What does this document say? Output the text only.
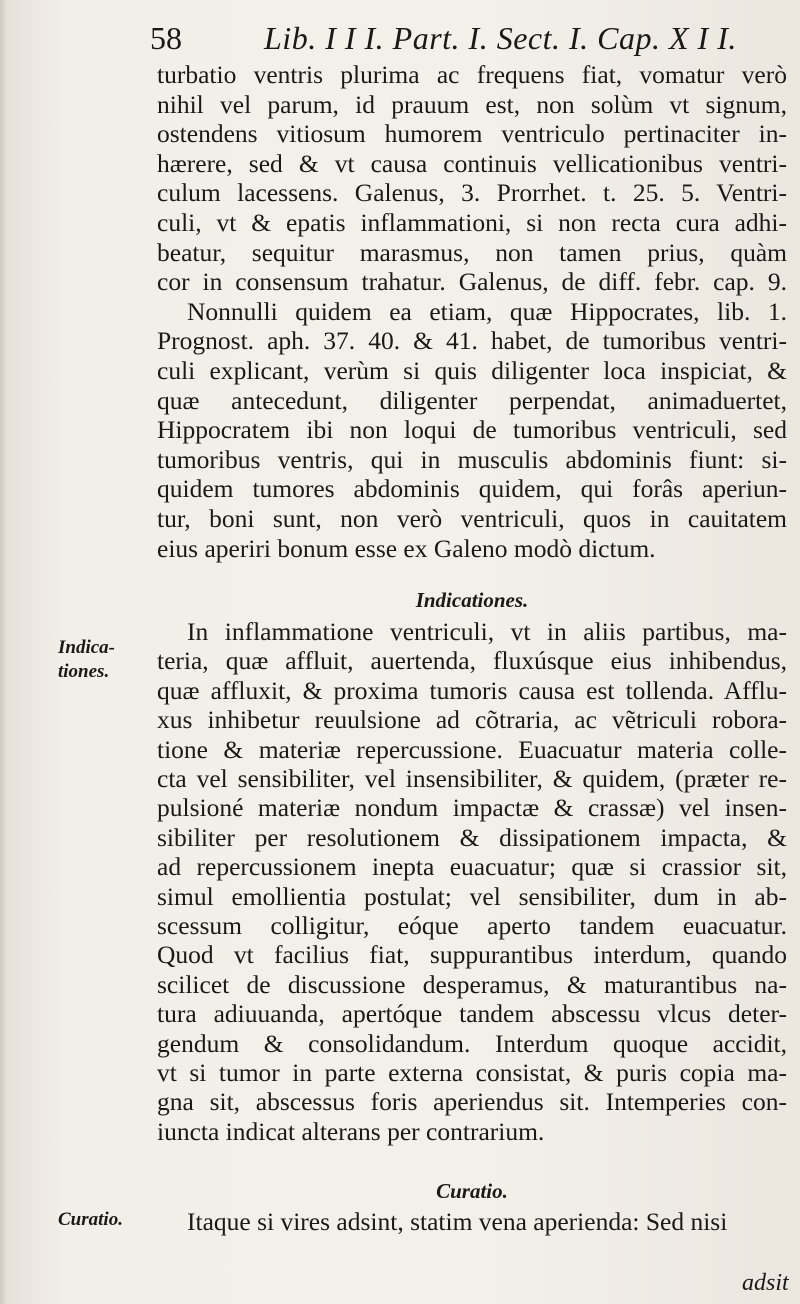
58	Lib. I I I. Part. I. Sect. I. Cap. X I I.
turbatio ventris plurima ac frequens fiat, vomatur verò
nihil vel parum, id prauum est, non solùm vt signum,
ostendens vitiosum humorem ventriculo pertinaciter in-
hærere, sed & vt causa continuis vellicationibus ventri-
culum lacessens. Galenus, 3. Prorrhet. t. 25. 5. Ventri-
culi, vt & epatis inflammationi, si non recta cura adhi-
beatur, sequitur marasmus, non tamen prius, quàm
cor in consensum trahatur. Galenus, de diff. febr. cap. 9.
Nonnulli quidem ea etiam, quæ Hippocrates, lib. 1.
Prognost. aph. 37. 40. & 41. habet, de tumoribus ventri-
culi explicant, verùm si quis diligenter loca inspiciat, &
quæ antecedunt, diligenter perpendat, animaduertet,
Hippocratem ibi non loqui de tumoribus ventriculi, sed
tumoribus ventris, qui in musculis abdominis fiunt: si-
quidem tumores abdominis quidem, qui forâs aperiun-
tur, boni sunt, non verò ventriculi, quos in cauitatem
eius aperiri bonum esse ex Galeno modò dictum.
In inflammatione ventriculi, vt in aliis partibus, ma-
teria, quæ affluit, auertenda, fluxúsque eius inhibendus,
quæ affluxit, & proxima tumoris causa est tollenda. Afflu-
xus inhibetur reuulsione ad cõtraria, ac vẽtriculi robora-
tione & materiæ repercussione. Euacuatur materia colle-
cta vel sensibiliter, vel insensibiliter, & quidem, (præter re-
pulsioné materiæ nondum impactæ & crassæ) vel insen-
sibiliter per resolutionem & dissipationem impacta, &
ad repercussionem inepta euacuatur; quæ si crassior sit,
simul emollientia postulat; vel sensibiliter, dum in ab-
scessum colligitur, eóque aperto tandem euacuatur.
Quod vt facilius fiat, suppurantibus interdum, quando
scilicet de discussione desperamus, & maturantibus na-
tura adiuuanda, apertóque tandem abscessu vlcus deter-
gendum & consolidandum. Interdum quoque accidit,
vt si tumor in parte externa consistat, & puris copia ma-
gna sit, abscessus foris aperiendus sit. Intemperies con-
iuncta indicat alterans per contrarium.
Itaque si vires adsint, statim vena aperienda: Sed nisi
Indicationes.
Curatio.
Indica-
tiones.
Curatio.
adsit
